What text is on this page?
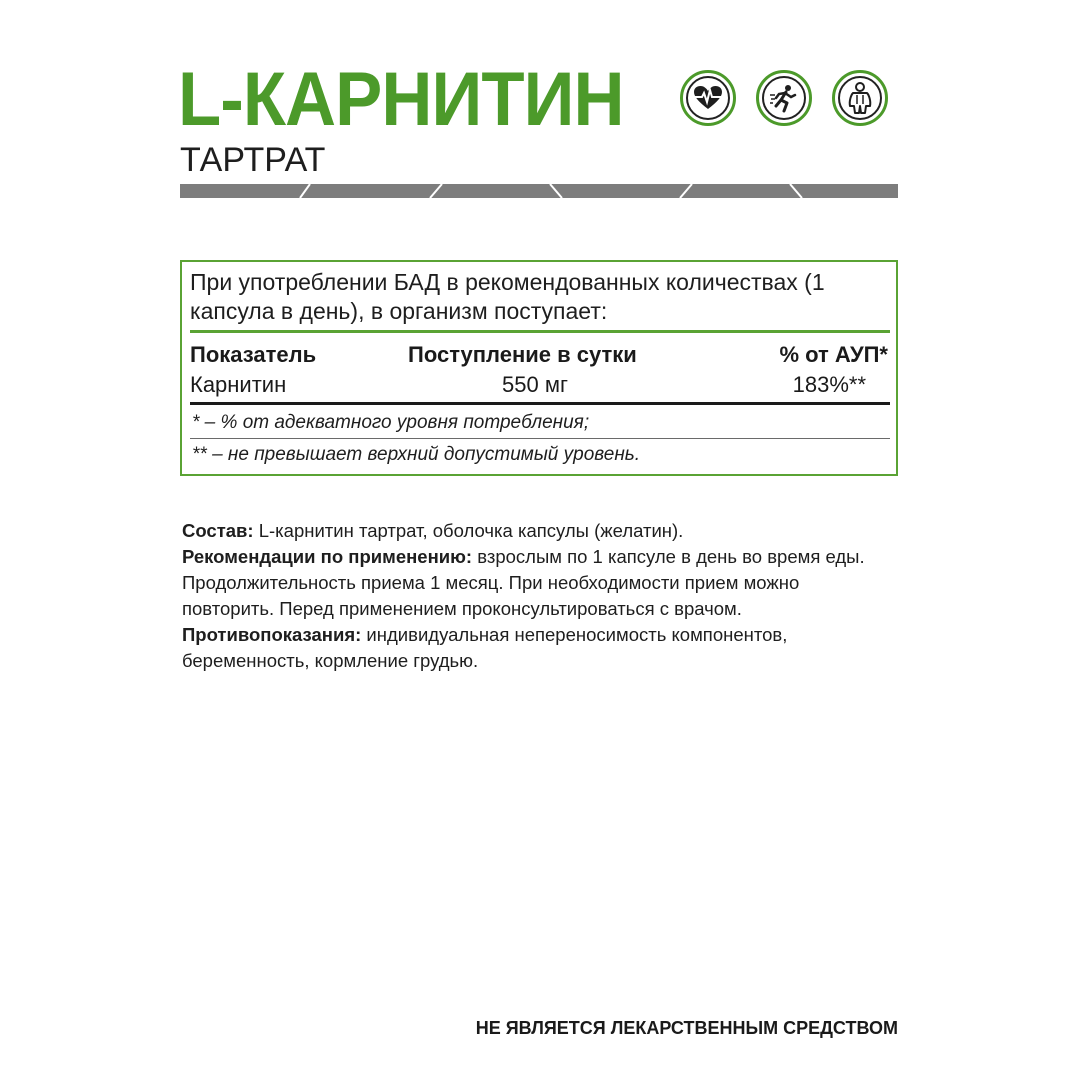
L-КАРНИТИН
ТАРТРАТ
При употреблении БАД в рекомендованных количествах (1 капсула в день), в организм поступает:
Показатель	Поступление в сутки	% от АУП*
Карнитин	550 мг	183%**
* – % от адекватного уровня потребления;
** – не превышает верхний допустимый уровень.

Состав: L-карнитин тартрат, оболочка капсулы (желатин).

Рекомендации по применению: взрослым по 1 капсуле в день во время еды. Продолжительность приема 1 месяц. При необходимости прием можно повторить. Перед применением проконсультироваться с врачом.

Противопоказания: индивидуальная непереносимость компонентов, беременность, кормление грудью.

НЕ ЯВЛЯЕТСЯ ЛЕКАРСТВЕННЫМ СРЕДСТВОМ
